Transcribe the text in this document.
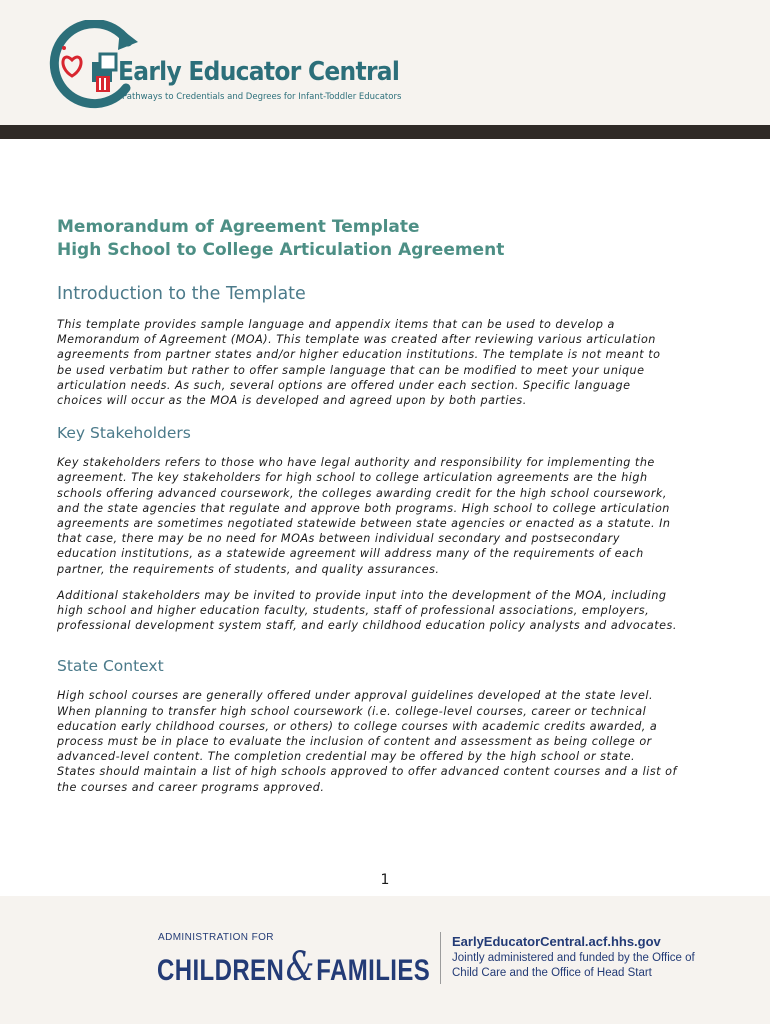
Early Educator Central
Pathways to Credentials and Degrees for Infant-Toddler Educators
Memorandum of Agreement Template
High School to College Articulation Agreement
Introduction to the Template

This template provides sample language and appendix items that can be used to develop a
Memorandum of Agreement (MOA). This template was created after reviewing various articulation
agreements from partner states and/or higher education institutions. The template is not meant to
be used verbatim but rather to offer sample language that can be modified to meet your unique
articulation needs. As such, several options are offered under each section. Specific language
choices will occur as the MOA is developed and agreed upon by both parties.

Key Stakeholders

Key stakeholders refers to those who have legal authority and responsibility for implementing the
agreement. The key stakeholders for high school to college articulation agreements are the high
schools offering advanced coursework, the colleges awarding credit for the high school coursework,
and the state agencies that regulate and approve both programs. High school to college articulation
agreements are sometimes negotiated statewide between state agencies or enacted as a statute. In
that case, there may be no need for MOAs between individual secondary and postsecondary
education institutions, as a statewide agreement will address many of the requirements of each
partner, the requirements of students, and quality assurances.

Additional stakeholders may be invited to provide input into the development of the MOA, including
high school and higher education faculty, students, staff of professional associations, employers,
professional development system staff, and early childhood education policy analysts and advocates.

State Context

High school courses are generally offered under approval guidelines developed at the state level.
When planning to transfer high school coursework (i.e. college-level courses, career or technical
education early childhood courses, or others) to college courses with academic credits awarded, a
process must be in place to evaluate the inclusion of content and assessment as being college or
advanced-level content. The completion credential may be offered by the high school or state.
States should maintain a list of high schools approved to offer advanced content courses and a list of
the courses and career programs approved.

1
ADMINISTRATION FOR
CHILDREN&FAMILIES
EarlyEducatorCentral.acf.hhs.gov
Jointly administered and funded by the Office of
Child Care and the Office of Head Start
